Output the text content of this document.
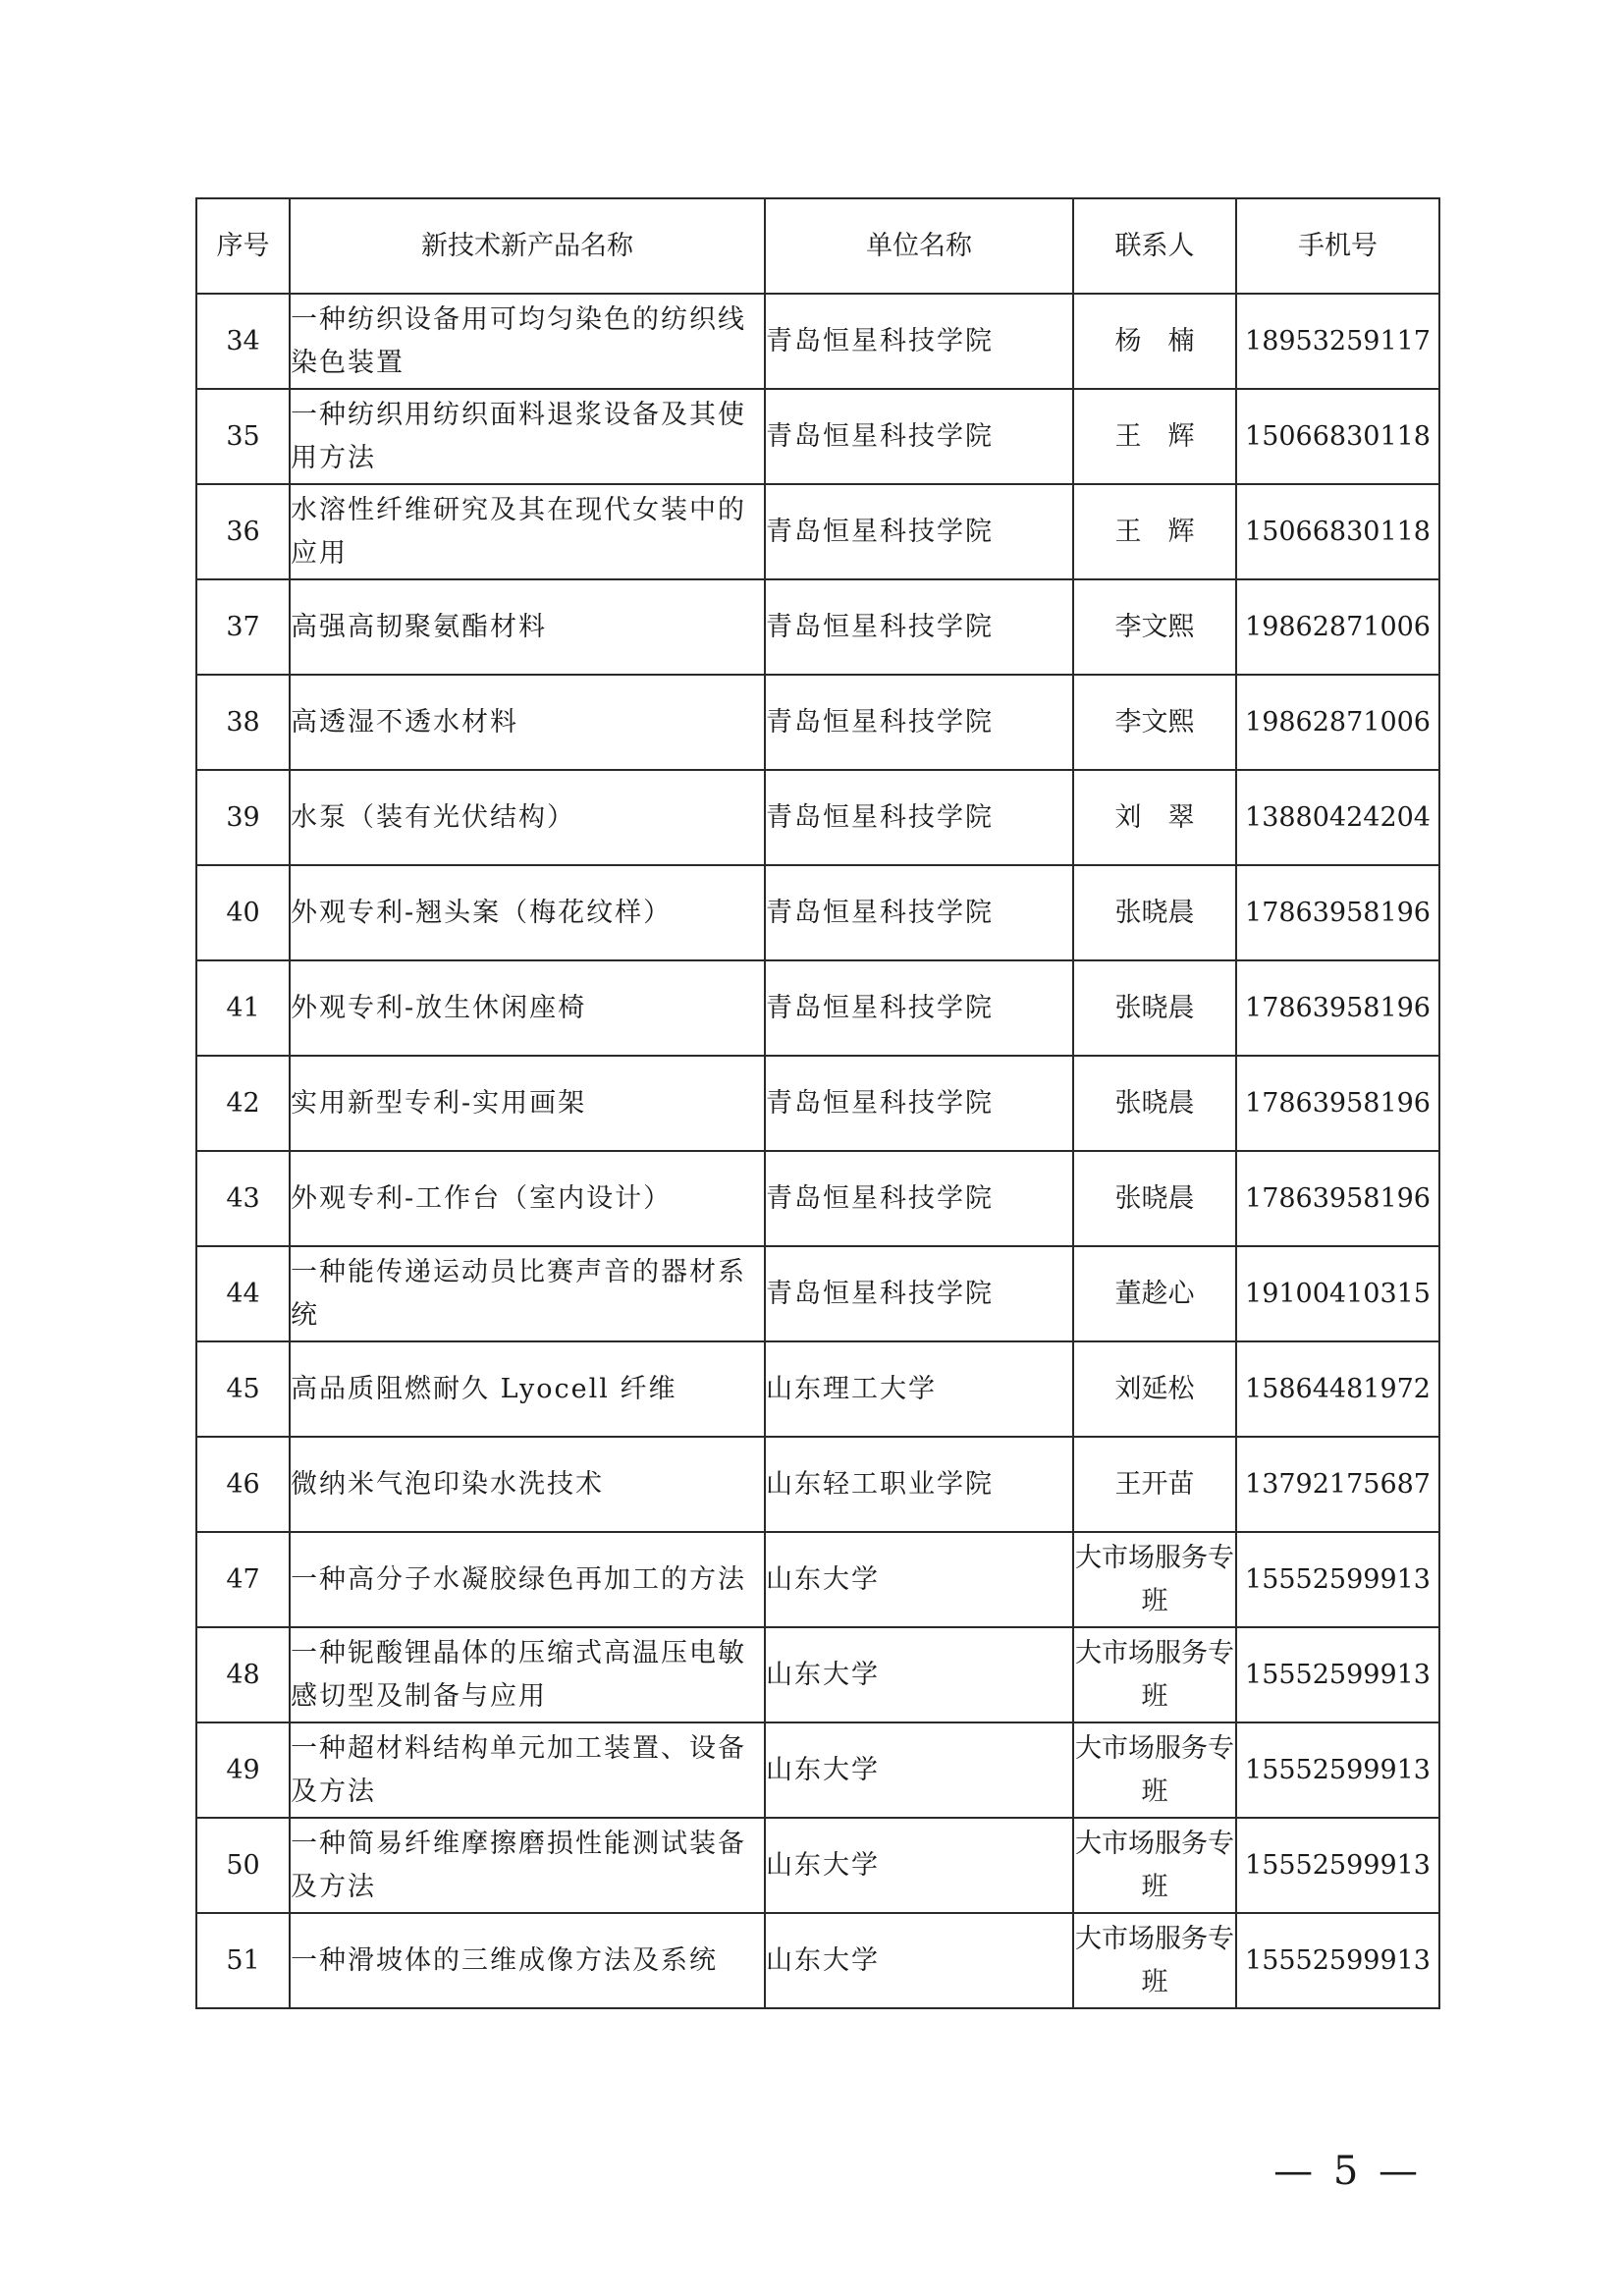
序号	新技术新产品名称	单位名称	联系人	手机号
34	一种纺织设备用可均匀染色的纺织线染色装置	青岛恒星科技学院	杨　楠	18953259117
35	一种纺织用纺织面料退浆设备及其使用方法	青岛恒星科技学院	王　辉	15066830118
36	水溶性纤维研究及其在现代女装中的应用	青岛恒星科技学院	王　辉	15066830118
37	高强高韧聚氨酯材料	青岛恒星科技学院	李文熙	19862871006
38	高透湿不透水材料	青岛恒星科技学院	李文熙	19862871006
39	水泵（装有光伏结构）	青岛恒星科技学院	刘　翠	13880424204
40	外观专利-翘头案（梅花纹样）	青岛恒星科技学院	张晓晨	17863958196
41	外观专利-放生休闲座椅	青岛恒星科技学院	张晓晨	17863958196
42	实用新型专利-实用画架	青岛恒星科技学院	张晓晨	17863958196
43	外观专利-工作台（室内设计）	青岛恒星科技学院	张晓晨	17863958196
44	一种能传递运动员比赛声音的器材系统	青岛恒星科技学院	董趁心	19100410315
45	高品质阻燃耐久 Lyocell 纤维	山东理工大学	刘延松	15864481972
46	微纳米气泡印染水洗技术	山东轻工职业学院	王开苗	13792175687
47	一种高分子水凝胶绿色再加工的方法	山东大学	大市场服务专班	15552599913
48	一种铌酸锂晶体的压缩式高温压电敏感切型及制备与应用	山东大学	大市场服务专班	15552599913
49	一种超材料结构单元加工装置、设备及方法	山东大学	大市场服务专班	15552599913
50	一种简易纤维摩擦磨损性能测试装备及方法	山东大学	大市场服务专班	15552599913
51	一种滑坡体的三维成像方法及系统	山东大学	大市场服务专班	15552599913
— 5 —
